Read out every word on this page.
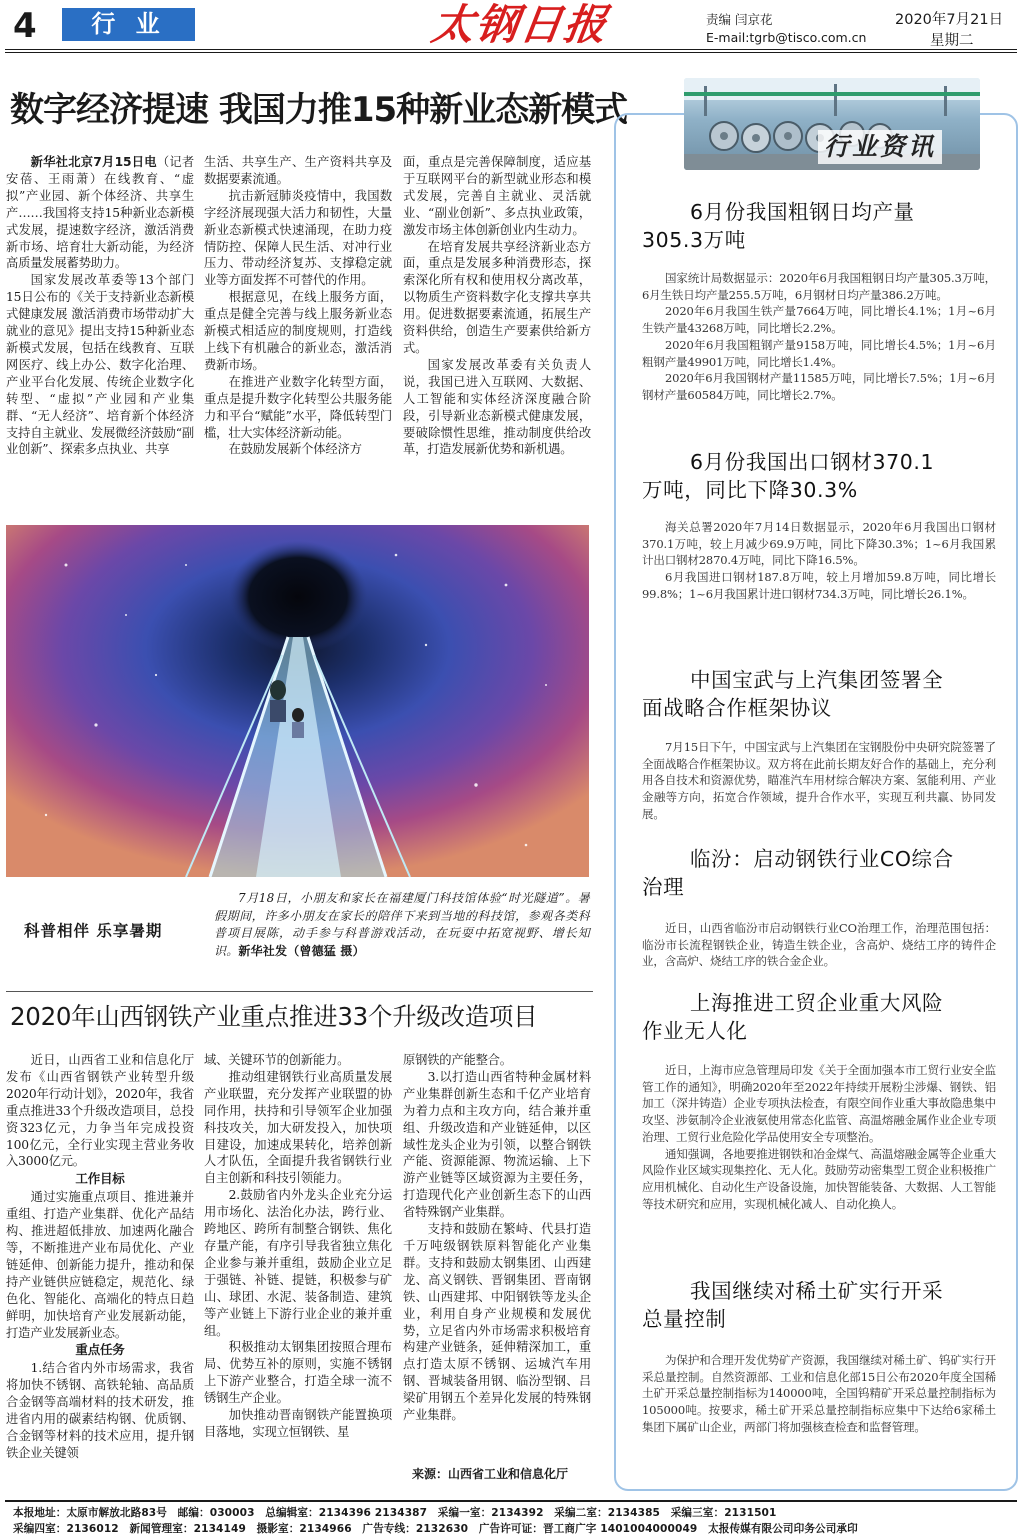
4	行 业	太钢日报	责编 闫京花
E-mail:tgrb@tisco.com.cn
2020年7月21日
星期二
数字经济提速 我国力推15种新业态新模式

新华社北京7月15日电（记者安蓓、王雨萧）在线教育、“虚拟”产业园、新个体经济、共享生产……我国将支持15种新业态新模式发展，提速数字经济，激活消费新市场、培育壮大新动能，为经济高质量发展蓄势助力。

国家发展改革委等13个部门15日公布的《关于支持新业态新模式健康发展 激活消费市场带动扩大就业的意见》提出支持15种新业态新模式发展，包括在线教育、互联网医疗、线上办公、数字化治理、产业平台化发展、传统企业数字化转型、“虚拟”产业园和产业集群、“无人经济”、培育新个体经济支持自主就业、发展微经济鼓励“副业创新”、探索多点执业、共享

生活、共享生产、生产资料共享及数据要素流通。

抗击新冠肺炎疫情中，我国数字经济展现强大活力和韧性，大量新业态新模式快速涌现，在助力疫情防控、保障人民生活、对冲行业压力、带动经济复苏、支撑稳定就业等方面发挥不可替代的作用。

根据意见，在线上服务方面，重点是健全完善与线上服务新业态新模式相适应的制度规则，打造线上线下有机融合的新业态，激活消费新市场。

在推进产业数字化转型方面，重点是提升数字化转型公共服务能力和平台“赋能”水平，降低转型门槛，壮大实体经济新动能。

在鼓励发展新个体经济方

面，重点是完善保障制度，适应基于互联网平台的新型就业形态和模式发展，完善自主就业、灵活就业、“副业创新”、多点执业政策，激发市场主体创新创业内生动力。

在培育发展共享经济新业态方面，重点是发展多种消费形态，探索深化所有权和使用权分离改革，以物质生产资料数字化支撑共享共用。促进数据要素流通，拓展生产资料供给，创造生产要素供给新方式。

国家发展改革委有关负责人说，我国已进入互联网、大数据、人工智能和实体经济深度融合阶段，引导新业态新模式健康发展，要破除惯性思维，推动制度供给改革，打造发展新优势和新机遇。

科普相伴 乐享暑期
7月18日，小朋友和家长在福建厦门科技馆体验“时光隧道”。暑假期间，许多小朋友在家长的陪伴下来到当地的科技馆，参观各类科普项目展陈，动手参与科普游戏活动，在玩耍中拓宽视野、增长知识。新华社发（曾德猛 摄）
2020年山西钢铁产业重点推进33个升级改造项目

近日，山西省工业和信息化厅发布《山西省钢铁产业转型升级2020年行动计划》，2020年，我省重点推进33个升级改造项目，总投资323亿元，力争当年完成投资100亿元，全行业实现主营业务收入3000亿元。

工作目标

通过实施重点项目、推进兼并重组、打造产业集群、优化产品结构、推进超低排放、加速两化融合等，不断推进产业布局优化、产业链延伸、创新能力提升，推动和保持产业链供应链稳定，规范化、绿色化、智能化、高端化的特点日趋鲜明，加快培育产业发展新动能，打造产业发展新业态。

重点任务

1.结合省内外市场需求，我省将加快不锈钢、高铁轮轴、高品质合金钢等高端材料的技术研发，推进省内用的碳素结构钢、优质钢、合金钢等材料的技术应用，提升钢铁企业关键领

域、关键环节的创新能力。

推动组建钢铁行业高质量发展产业联盟，充分发挥产业联盟的协同作用，扶持和引导领军企业加强科技攻关，加大研发投入，加快项目建设，加速成果转化，培养创新人才队伍，全面提升我省钢铁行业自主创新和科技引领能力。

2.鼓励省内外龙头企业充分运用市场化、法治化办法，跨行业、跨地区、跨所有制整合钢铁、焦化存量产能，有序引导我省独立焦化企业参与兼并重组，鼓励企业立足于强链、补链、提链，积极参与矿山、球团、水泥、装备制造、建筑等产业链上下游行业企业的兼并重组。

积极推动太钢集团按照合理布局、优势互补的原则，实施不锈钢上下游产业整合，打造全球一流不锈钢生产企业。

加快推动晋南钢铁产能置换项目落地，实现立恒钢铁、星

原钢铁的产能整合。

3.以打造山西省特种金属材料产业集群创新生态和千亿产业培育为着力点和主攻方向，结合兼并重组、升级改造和产业链延伸，以区域性龙头企业为引领，以整合钢铁产能、资源能源、物流运输、上下游产业链等区域资源为主要任务，打造现代化产业创新生态下的山西省特殊钢产业集群。

支持和鼓励在繁峙、代县打造千万吨级钢铁原料智能化产业集群。支持和鼓励太钢集团、山西建龙、高义钢铁、晋钢集团、晋南钢铁、山西建邦、中阳钢铁等龙头企业，利用自身产业规模和发展优势，立足省内外市场需求积极培育构建产业链条，延伸精深加工，重点打造太原不锈钢、运城汽车用钢、晋城装备用钢、临汾型钢、吕梁矿用钢五个差异化发展的特殊钢产业集群。

来源：山西省工业和信息化厅
行业资讯
6月份我国粗钢日均产量
305.3万吨

国家统计局数据显示：2020年6月我国粗钢日均产量305.3万吨，6月生铁日均产量255.5万吨，6月钢材日均产量386.2万吨。

2020年6月我国生铁产量7664万吨，同比增长4.1%；1月~6月生铁产量43268万吨，同比增长2.2%。

2020年6月我国粗钢产量9158万吨，同比增长4.5%；1月~6月粗钢产量49901万吨，同比增长1.4%。

2020年6月我国钢材产量11585万吨，同比增长7.5%；1月~6月钢材产量60584万吨，同比增长2.7%。

6月份我国出口钢材370.1
万吨，同比下降30.3%

海关总署2020年7月14日数据显示，2020年6月我国出口钢材370.1万吨，较上月减少69.9万吨，同比下降30.3%；1~6月我国累计出口钢材2870.4万吨，同比下降16.5%。

6月我国进口钢材187.8万吨，较上月增加59.8万吨，同比增长99.8%；1~6月我国累计进口钢材734.3万吨，同比增长26.1%。

中国宝武与上汽集团签署全
面战略合作框架协议

7月15日下午，中国宝武与上汽集团在宝钢股份中央研究院签署了全面战略合作框架协议。双方将在此前长期友好合作的基础上，充分利用各自技术和资源优势，瞄准汽车用材综合解决方案、氢能利用、产业金融等方向，拓宽合作领域，提升合作水平，实现互利共赢、协同发展。

临汾：启动钢铁行业CO综合
治理

近日，山西省临汾市启动钢铁行业CO治理工作，治理范围包括：临汾市长流程钢铁企业，铸造生铁企业，含高炉、烧结工序的铸件企业，含高炉、烧结工序的铁合金企业。

上海推进工贸企业重大风险
作业无人化

近日，上海市应急管理局印发《关于全面加强本市工贸行业安全监管工作的通知》，明确2020年至2022年持续开展粉尘涉爆、钢铁、铝加工（深井铸造）企业专项执法检查，有限空间作业重大事故隐患集中攻坚、涉氨制冷企业液氨使用常态化监管、高温熔融金属作业企业专项治理、工贸行业危险化学品使用安全专项整治。

通知强调，各地要推进钢铁和冶金煤气、高温熔融金属等企业重大风险作业区域实现集控化、无人化。鼓励劳动密集型工贸企业积极推广应用机械化、自动化生产设备设施，加快智能装备、大数据、人工智能等技术研究和应用，实现机械化减人、自动化换人。

我国继续对稀土矿实行开采
总量控制

为保护和合理开发优势矿产资源，我国继续对稀土矿、钨矿实行开采总量控制。自然资源部、工业和信息化部15日公布2020年度全国稀土矿开采总量控制指标为140000吨，全国钨精矿开采总量控制指标为105000吨。按要求，稀土矿开采总量控制指标应集中下达给6家稀土集团下属矿山企业，两部门将加强核查检查和监督管理。

本报地址：太原市解放北路83号　邮编：030003　总编辑室：2134396 2134387　采编一室：2134392　采编二室：2134385　采编三室：2131501
采编四室：2136012　新闻管理室：2134149　摄影室：2134966　广告专线：2132630　广告许可证：晋工商广字 1401004000049　太报传媒有限公司印务公司承印
